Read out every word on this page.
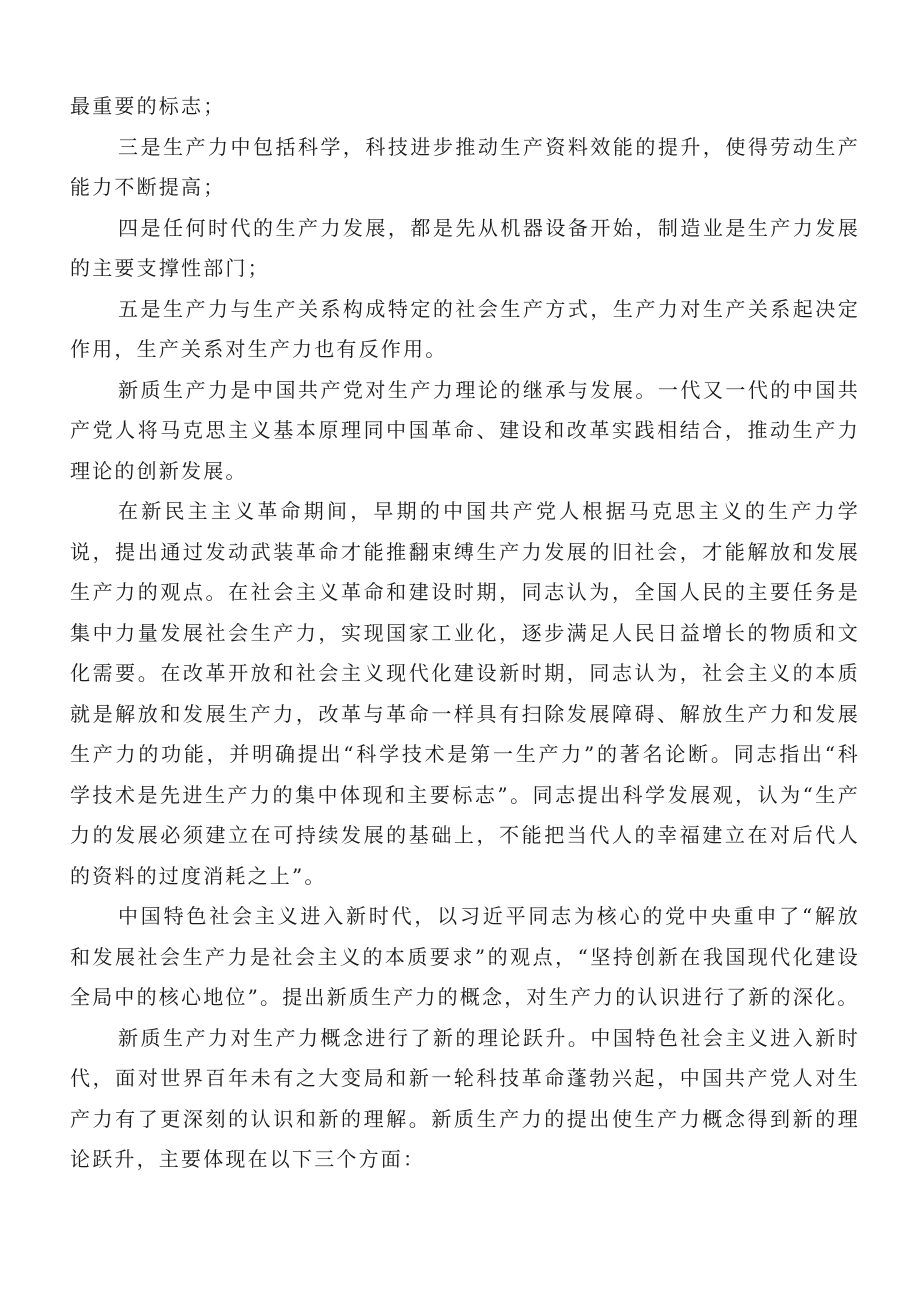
最重要的标志；

三是生产力中包括科学，科技进步推动生产资料效能的提升，使得劳动生产能力不断提高；

四是任何时代的生产力发展，都是先从机器设备开始，制造业是生产力发展的主要支撑性部门；

五是生产力与生产关系构成特定的社会生产方式，生产力对生产关系起决定作用，生产关系对生产力也有反作用。

新质生产力是中国共产党对生产力理论的继承与发展。一代又一代的中国共产党人将马克思主义基本原理同中国革命、建设和改革实践相结合，推动生产力理论的创新发展。

在新民主主义革命期间，早期的中国共产党人根据马克思主义的生产力学说，提出通过发动武装革命才能推翻束缚生产力发展的旧社会，才能解放和发展生产力的观点。在社会主义革命和建设时期，同志认为，全国人民的主要任务是集中力量发展社会生产力，实现国家工业化，逐步满足人民日益增长的物质和文化需要。在改革开放和社会主义现代化建设新时期，同志认为，社会主义的本质就是解放和发展生产力，改革与革命一样具有扫除发展障碍、解放生产力和发展生产力的功能，并明确提出“科学技术是第一生产力”的著名论断。同志指出“科学技术是先进生产力的集中体现和主要标志”。同志提出科学发展观，认为“生产力的发展必须建立在可持续发展的基础上，不能把当代人的幸福建立在对后代人的资料的过度消耗之上”。

中国特色社会主义进入新时代，以习近平同志为核心的党中央重申了“解放和发展社会生产力是社会主义的本质要求”的观点，“坚持创新在我国现代化建设全局中的核心地位”。提出新质生产力的概念，对生产力的认识进行了新的深化。

新质生产力对生产力概念进行了新的理论跃升。中国特色社会主义进入新时代，面对世界百年未有之大变局和新一轮科技革命蓬勃兴起，中国共产党人对生产力有了更深刻的认识和新的理解。新质生产力的提出使生产力概念得到新的理论跃升，主要体现在以下三个方面：
